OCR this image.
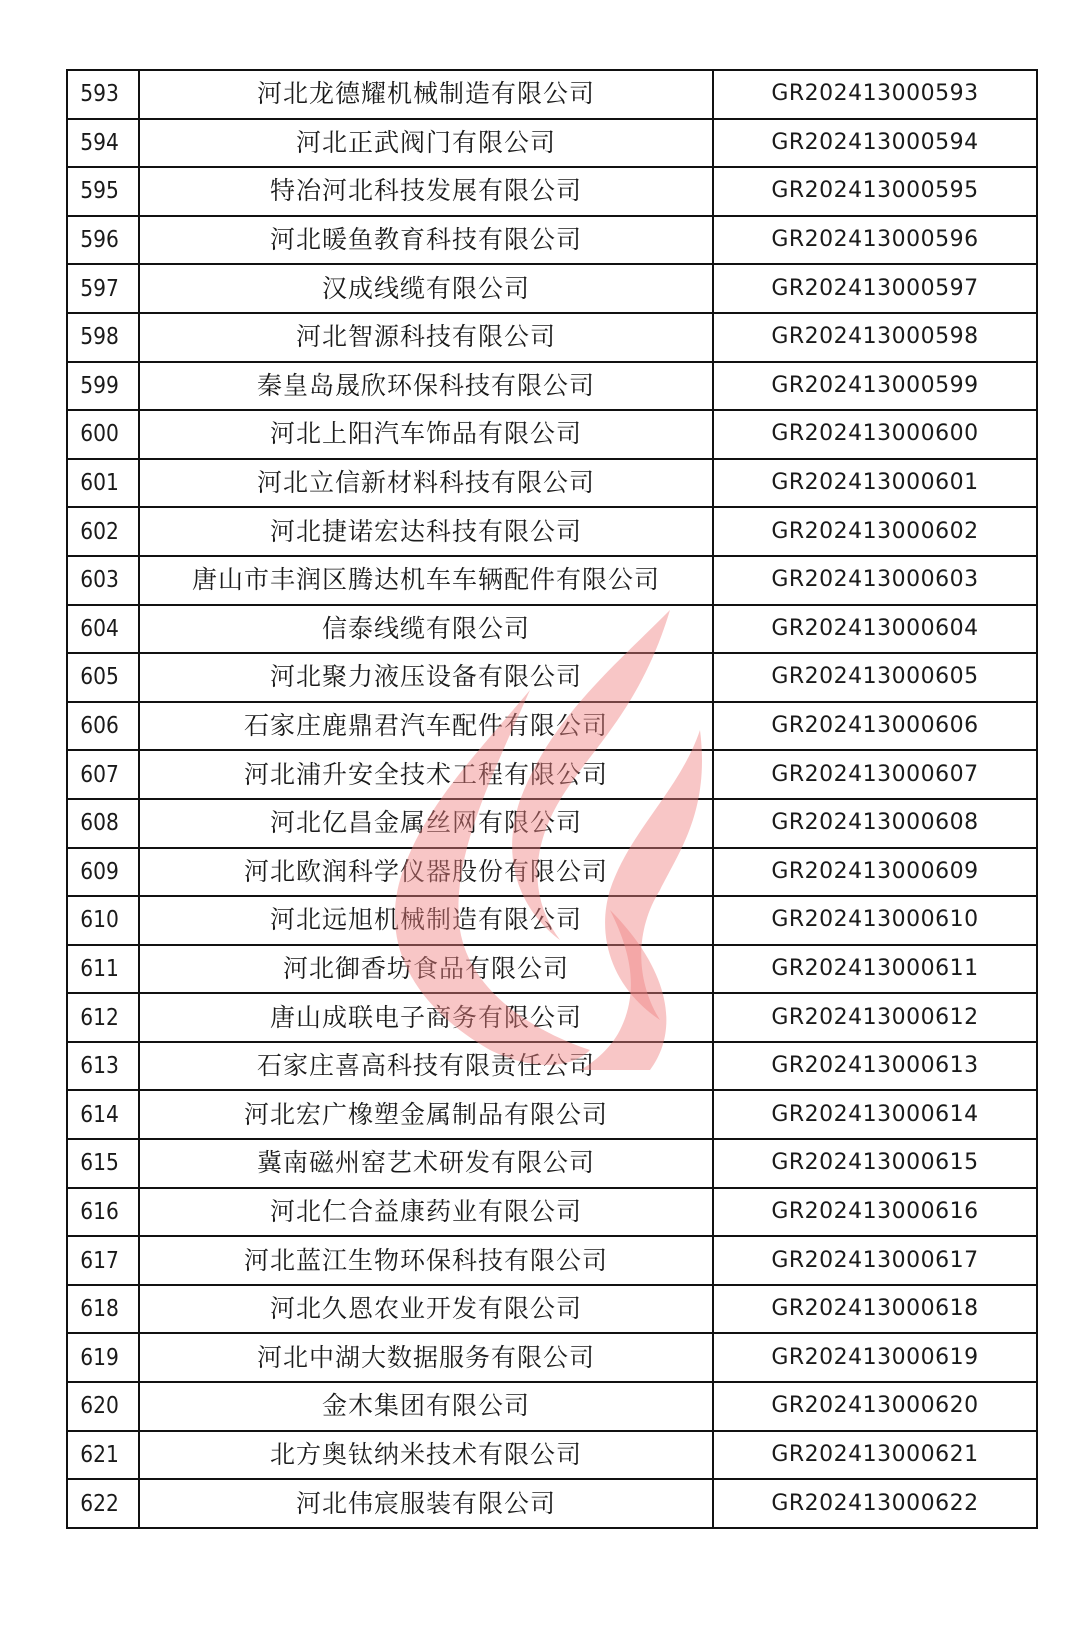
593	河北龙德耀机械制造有限公司	GR202413000593
594	河北正武阀门有限公司	GR202413000594
595	特冶河北科技发展有限公司	GR202413000595
596	河北暖鱼教育科技有限公司	GR202413000596
597	汉成线缆有限公司	GR202413000597
598	河北智源科技有限公司	GR202413000598
599	秦皇岛晟欣环保科技有限公司	GR202413000599
600	河北上阳汽车饰品有限公司	GR202413000600
601	河北立信新材料科技有限公司	GR202413000601
602	河北捷诺宏达科技有限公司	GR202413000602
603	唐山市丰润区腾达机车车辆配件有限公司	GR202413000603
604	信泰线缆有限公司	GR202413000604
605	河北聚力液压设备有限公司	GR202413000605
606	石家庄鹿鼎君汽车配件有限公司	GR202413000606
607	河北浦升安全技术工程有限公司	GR202413000607
608	河北亿昌金属丝网有限公司	GR202413000608
609	河北欧润科学仪器股份有限公司	GR202413000609
610	河北远旭机械制造有限公司	GR202413000610
611	河北御香坊食品有限公司	GR202413000611
612	唐山成联电子商务有限公司	GR202413000612
613	石家庄喜高科技有限责任公司	GR202413000613
614	河北宏广橡塑金属制品有限公司	GR202413000614
615	冀南磁州窑艺术研发有限公司	GR202413000615
616	河北仁合益康药业有限公司	GR202413000616
617	河北蓝江生物环保科技有限公司	GR202413000617
618	河北久恩农业开发有限公司	GR202413000618
619	河北中湖大数据服务有限公司	GR202413000619
620	金木集团有限公司	GR202413000620
621	北方奥钛纳米技术有限公司	GR202413000621
622	河北伟宸服装有限公司	GR202413000622
